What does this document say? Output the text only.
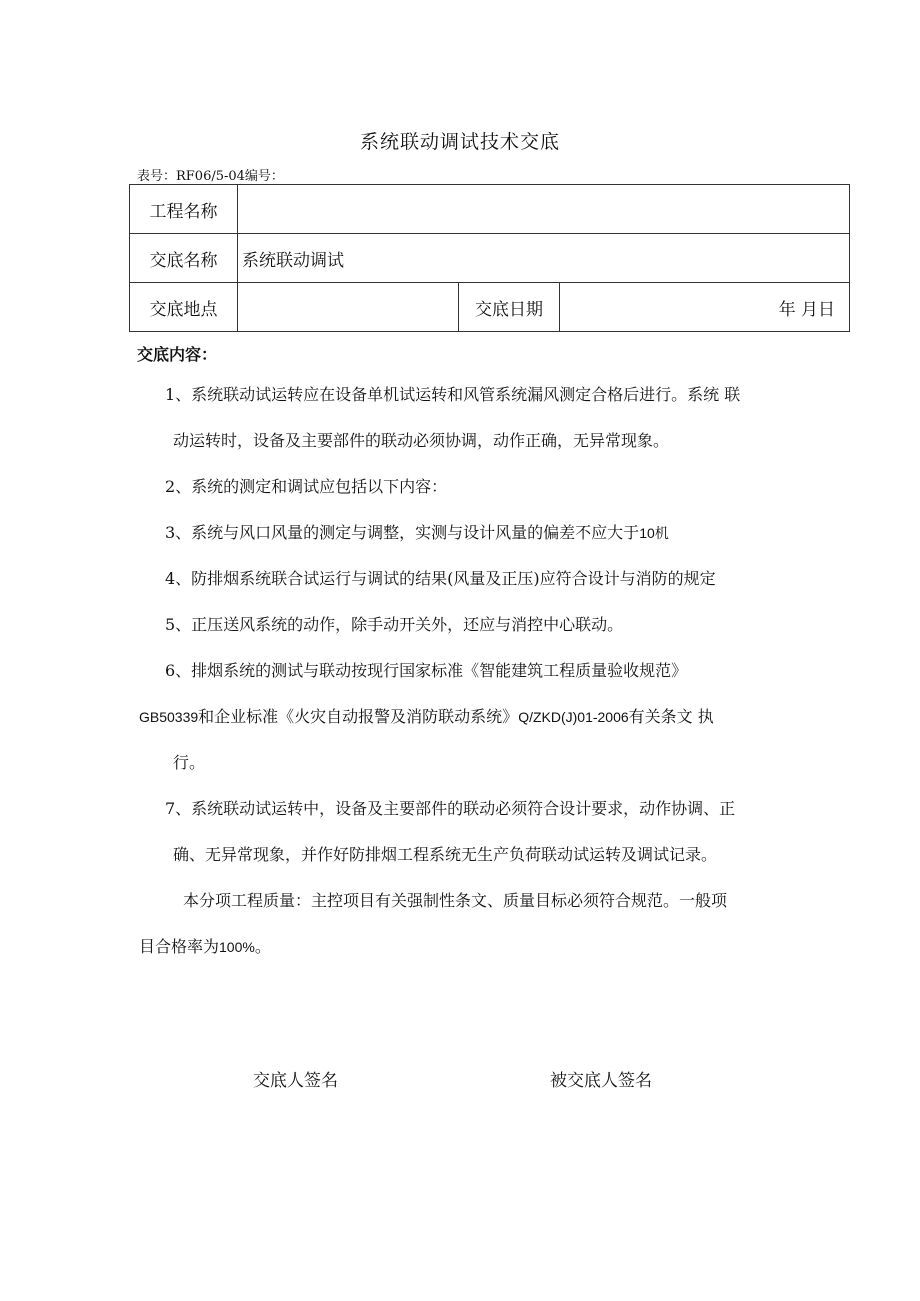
系统联动调试技术交底
表号：RF06/5-04编号：
工程名称			
交底名称	系统联动调试		
交底地点		交底日期	年 月日
交底内容：

1、系统联动试运转应在设备单机试运转和风管系统漏风测定合格后进行。系统 联

动运转时，设备及主要部件的联动必须协调，动作正确，无异常现象。

2、系统的测定和调试应包括以下内容：

3、系统与风口风量的测定与调整，实测与设计风量的偏差不应大于10机

4、防排烟系统联合试运行与调试的结果(风量及正压)应符合设计与消防的规定

5、正压送风系统的动作，除手动开关外，还应与消控中心联动。

6、排烟系统的测试与联动按现行国家标准《智能建筑工程质量验收规范》

GB50339和企业标准《火灾自动报警及消防联动系统》Q/ZKD(J)01-2006有关条文 执

行。

7、系统联动试运转中，设备及主要部件的联动必须符合设计要求，动作协调、正

确、无异常现象，并作好防排烟工程系统无生产负荷联动试运转及调试记录。

本分项工程质量：主控项目有关强制性条文、质量目标必须符合规范。一般项

目合格率为100%。

交底人签名	被交底人签名
